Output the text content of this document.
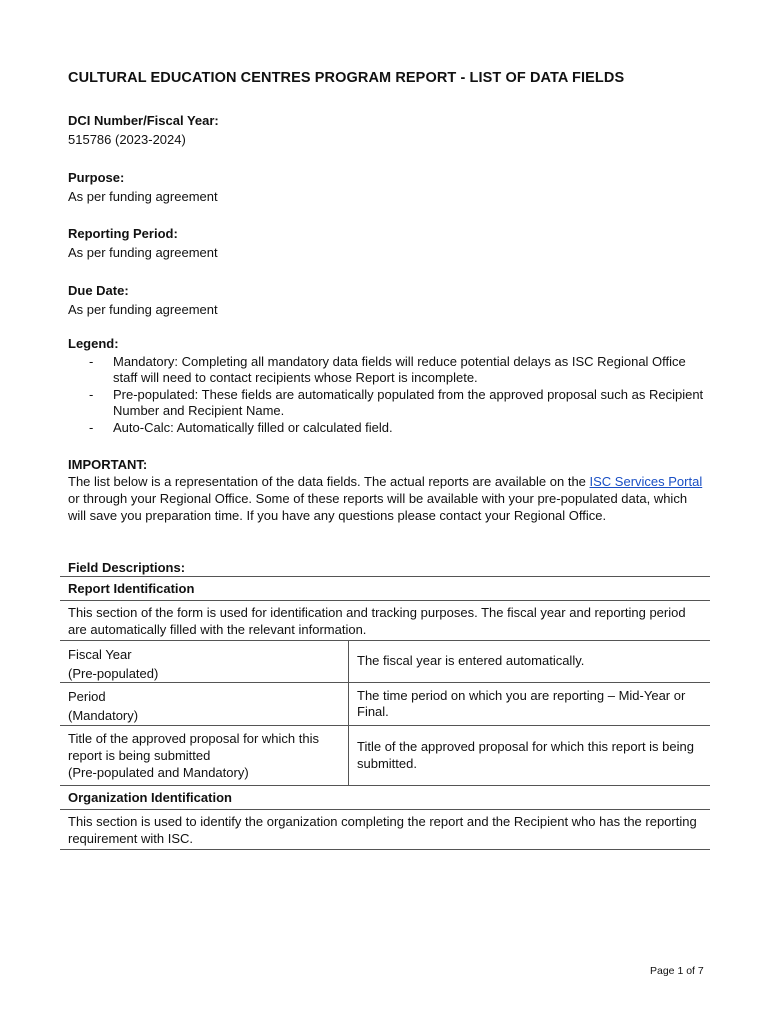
CULTURAL EDUCATION CENTRES PROGRAM REPORT - LIST OF DATA FIELDS
DCI Number/Fiscal Year:
515786 (2023-2024)
Purpose:
As per funding agreement
Reporting Period:
As per funding agreement
Due Date:
As per funding agreement
Legend:
- Mandatory: Completing all mandatory data fields will reduce potential delays as ISC Regional Office staff will need to contact recipients whose Report is incomplete.
- Pre-populated: These fields are automatically populated from the approved proposal such as Recipient Number and Recipient Name.
- Auto-Calc: Automatically filled or calculated field.
IMPORTANT:
The list below is a representation of the data fields. The actual reports are available on the ISC Services Portal or through your Regional Office. Some of these reports will be available with your pre-populated data, which will save you preparation time. If you have any questions please contact your Regional Office.
Field Descriptions:
Report Identification
This section of the form is used for identification and tracking purposes. The fiscal year and reporting period are automatically filled with the relevant information.
Fiscal Year
(Pre-populated)
The fiscal year is entered automatically.
Period
(Mandatory)
The time period on which you are reporting – Mid-Year or Final.
Title of the approved proposal for which this report is being submitted
(Pre-populated and Mandatory)
Title of the approved proposal for which this report is being submitted.
Organization Identification
This section is used to identify the organization completing the report and the Recipient who has the reporting requirement with ISC.
Page 1 of 7
